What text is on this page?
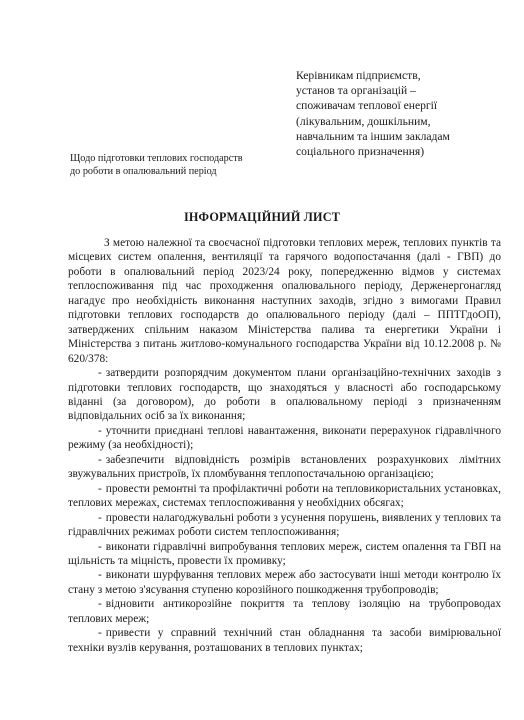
Керівникам підприємств,
установ та організацій –
споживачам теплової енергії
(лікувальним, дошкільним,
навчальним та іншим закладам
соціального призначення)
Щодо підготовки теплових господарств
до роботи в опалювальний період
ІНФОРМАЦІЙНИЙ ЛИСТ

З метою належної та своєчасної підготовки теплових мереж, теплових пунктів та місцевих систем опалення, вентиляції та гарячого водопостачання (далі - ГВП) до роботи в опалювальний період 2023/24 року, попередженню відмов у системах теплоспоживання під час проходження опалювального періоду, Держенергонагляд нагадує про необхідність виконання наступних заходів, згідно з вимогами Правил підготовки теплових господарств до опалювального періоду (далі – ППТГдоОП), затверджених спільним наказом Міністерства палива та енергетики України і Міністерства з питань житлово-комунального господарства України від 10.12.2008 р. № 620/378:

- затвердити розпорядчим документом плани організаційно-технічних заходів з підготовки теплових господарств, що знаходяться у власності або господарському віданні (за договором), до роботи в опалювальному періоді з призначенням відповідальних осіб за їх виконання;

- уточнити приєднані теплові навантаження, виконати перерахунок гідравлічного режиму (за необхідності);

- забезпечити відповідність розмірів встановлених розрахункових лімітних звужувальних пристроїв, їх пломбування теплопостачальною організацією;

- провести ремонтні та профілактичні роботи на тепловикористальних установках, теплових мережах, системах теплоспоживання у необхідних обсягах;

- провести налагоджувальні роботи з усунення порушень, виявлених у теплових та гідравлічних режимах роботи систем теплоспоживання;

- виконати гідравлічні випробування теплових мереж, систем опалення та ГВП на щільність та міцність, провести їх промивку;

- виконати шурфування теплових мереж або застосувати інші методи контролю їх стану з метою з'ясування ступеню корозійного пошкодження трубопроводів;

- відновити антикорозійне покриття та теплову ізоляцію на трубопроводах теплових мереж;

- привести у справний технічний стан обладнання та засоби вимірювальної техніки вузлів керування, розташованих в теплових пунктах;
